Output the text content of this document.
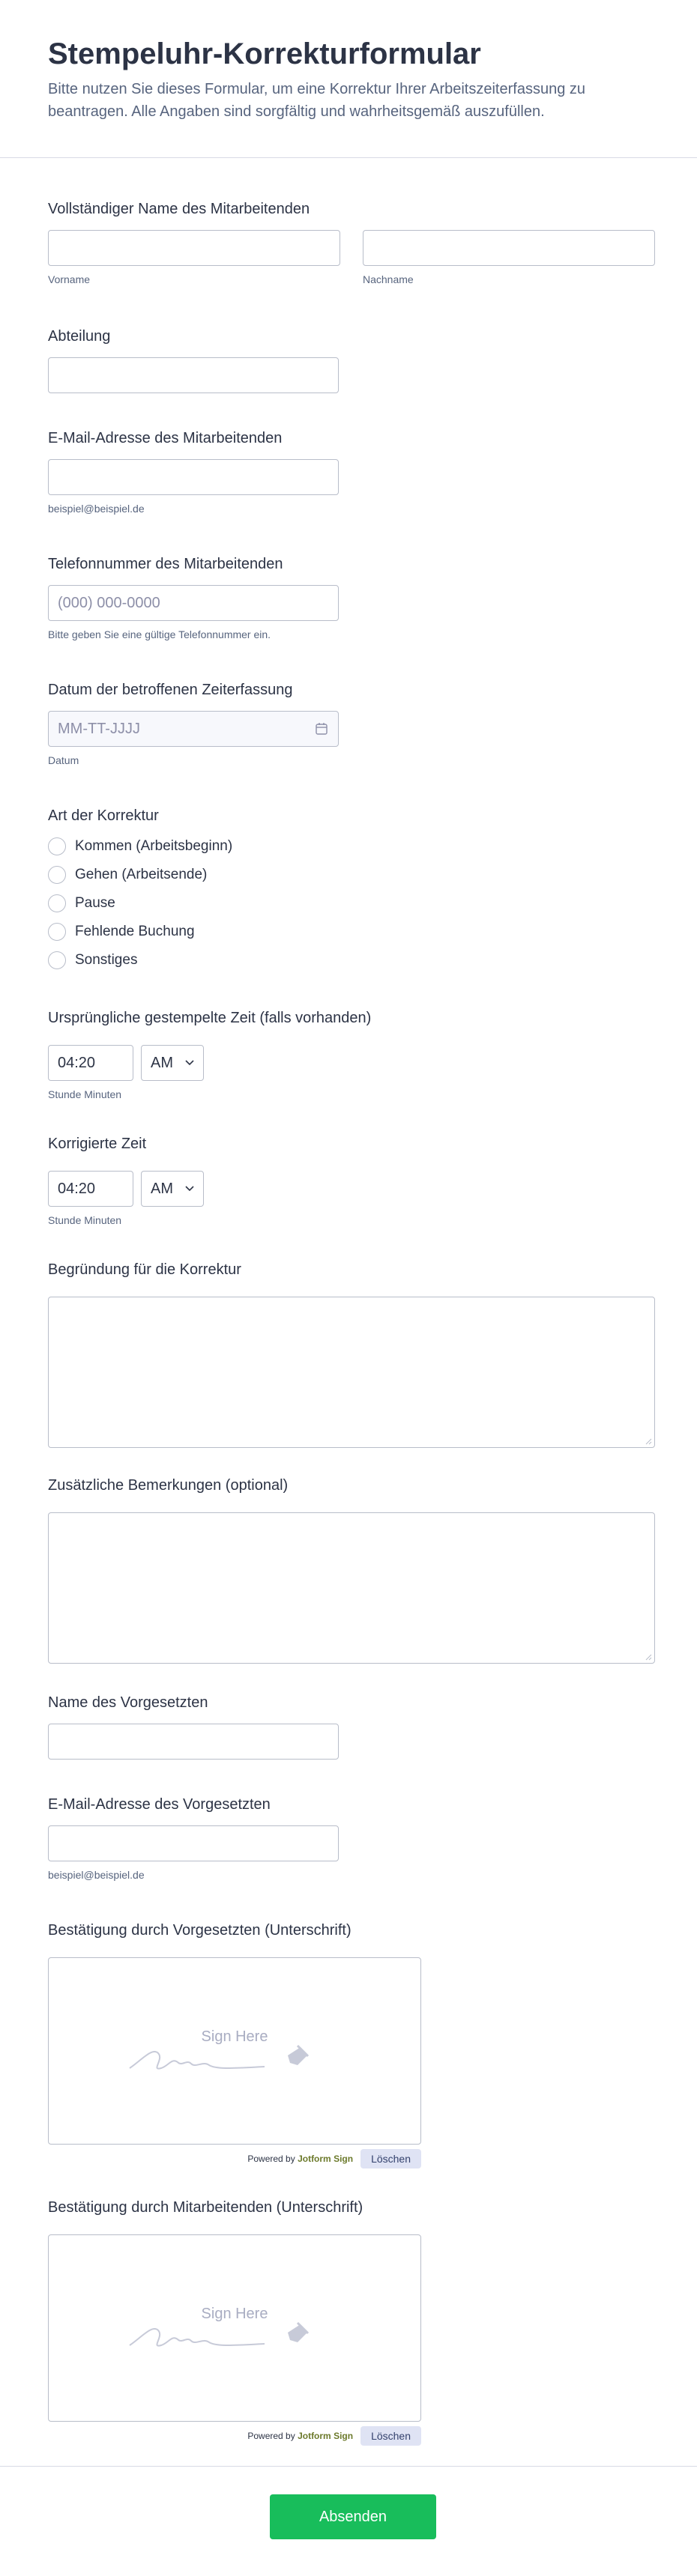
Stempeluhr-Korrekturformular

Bitte nutzen Sie dieses Formular, um eine Korrektur Ihrer Arbeitszeiterfassung zu beantragen. Alle Angaben sind sorgfältig und wahrheitsgemäß auszufüllen.

Vollständiger Name des Mitarbeitenden
Vorname	Nachname
Abteilung
E-Mail-Adresse des Mitarbeitenden
beispiel@beispiel.de
Telefonnummer des Mitarbeitenden
(000) 000-0000
Bitte geben Sie eine gültige Telefonnummer ein.
Datum der betroffenen Zeiterfassung
MM-TT-JJJJ
Datum
Art der Korrektur
Kommen (Arbeitsbeginn)
Gehen (Arbeitsende)
Pause
Fehlende Buchung
Sonstiges
Ursprüngliche gestempelte Zeit (falls vorhanden)
04:20	AM
Stunde Minuten
Korrigierte Zeit
04:20	AM
Stunde Minuten
Begründung für die Korrektur
Zusätzliche Bemerkungen (optional)
Name des Vorgesetzten
E-Mail-Adresse des Vorgesetzten
beispiel@beispiel.de
Bestätigung durch Vorgesetzten (Unterschrift)
Sign Here
Powered by Jotform Sign	Löschen
Bestätigung durch Mitarbeitenden (Unterschrift)
Sign Here
Powered by Jotform Sign	Löschen
Absenden
